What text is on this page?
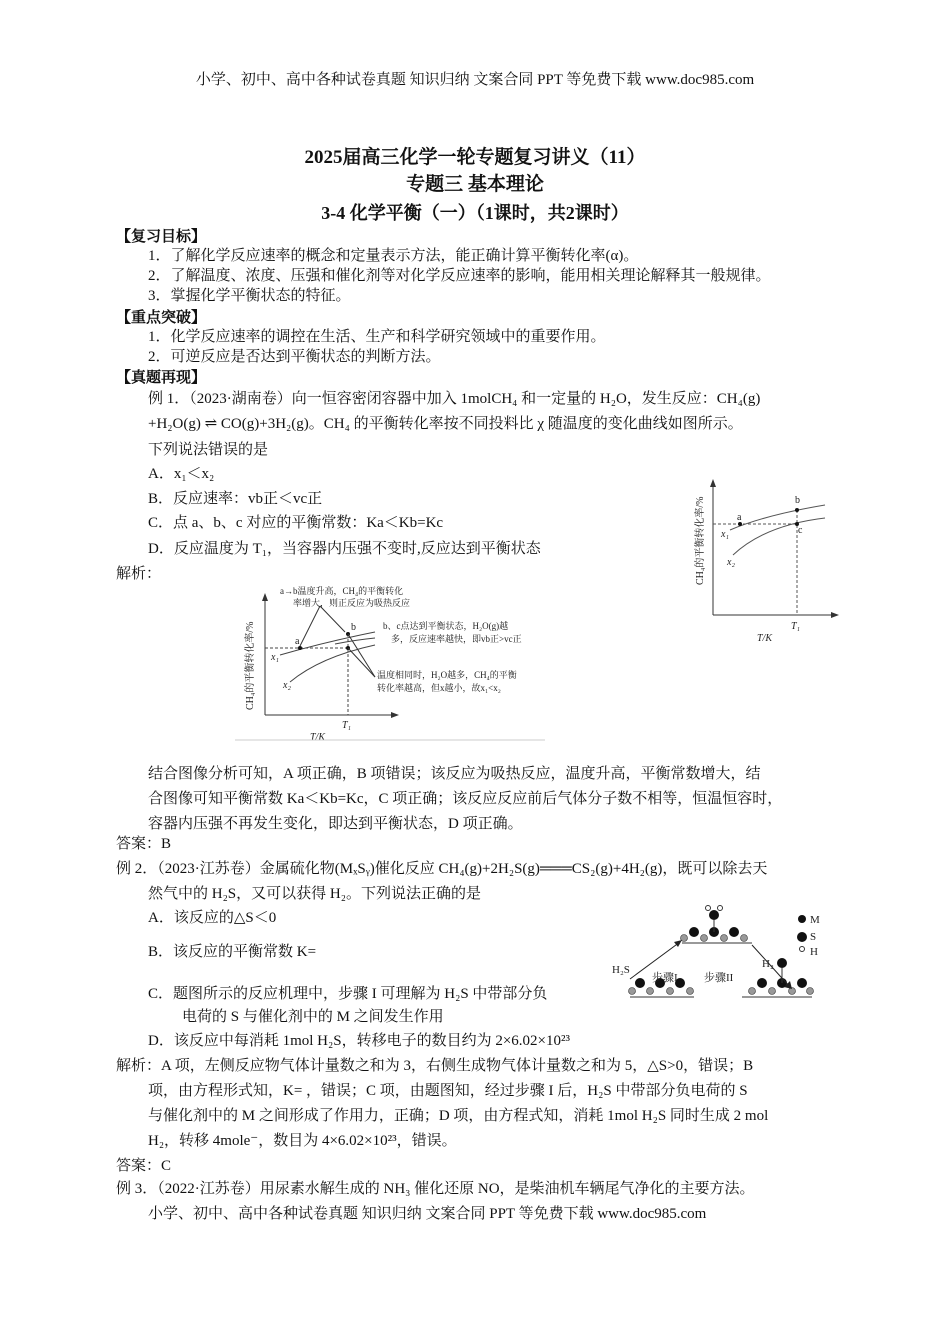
小学、初中、高中各种试卷真题 知识归纳 文案合同 PPT 等免费下载 www.doc985.com
2025届高三化学一轮专题复习讲义（11）
专题三 基本理论
3-4 化学平衡（一）（1课时，共2课时）
【复习目标】
1．了解化学反应速率的概念和定量表示方法，能正确计算平衡转化率(α)。
2．了解温度、浓度、压强和催化剂等对化学反应速率的影响，能用相关理论解释其一般规律。
3．掌握化学平衡状态的特征。
【重点突破】
1．化学反应速率的调控在生活、生产和科学研究领域中的重要作用。
2．可逆反应是否达到平衡状态的判断方法。
【真题再现】
例 1．（2023·湖南卷）向一恒容密闭容器中加入 1molCH₄ 和一定量的 H₂O，发生反应：CH₄(g)
+H₂O(g) ⇌ CO(g)+3H₂(g)。CH₄ 的平衡转化率按不同投料比 χ 随温度的变化曲线如图所示。
下列说法错误的是
A．x₁＜x₂
B．反应速率：vb正＜vc正
C．点 a、b、c 对应的平衡常数：Ka＜Kb=Kc
D．反应温度为 T₁，当容器内压强不变时,反应达到平衡状态
解析：	CH₄的平衡转化率/%	a
b
c
x₁
x₂
T₁
T/K
CH₄的平衡转化率/%	a
b
x₁
x₂
a→b温度升高，CH₄的平衡转化
率增大，则正反应为吸热反应
b、c点达到平衡状态，H₂O(g)越
多，反应速率越快，即vb正>vc正
温度相同时，H₂O越多，CH₄的平衡
转化率越高，但x越小，故x₁<x₂
T₁
T/K
结合图像分析可知，A 项正确，B 项错误；该反应为吸热反应，温度升高，平衡常数增大，结
合图像可知平衡常数 Ka＜Kb=Kc，C 项正确；该反应反应前后气体分子数不相等，恒温恒容时，
容器内压强不再发生变化，即达到平衡状态，D 项正确。
答案：B
例 2．（2023·江苏卷）金属硫化物(MₓSᵧ)催化反应 CH₄(g)+2H₂S(g)═══CS₂(g)+4H₂(g)，既可以除去天
然气中的 H₂S，又可以获得 H₂。下列说法正确的是
A．该反应的△S＜0
B．该反应的平衡常数 K=
C．题图所示的反应机理中，步骤 I 可理解为 H₂S 中带部分负
电荷的 S 与催化剂中的 M 之间发生作用
D．该反应中每消耗 1mol H₂S，转移电子的数目约为 2×6.02×10²³
H₂S	H₂
步骤I 步骤II
M
S
H
解析：A 项，左侧反应物气体计量数之和为 3，右侧生成物气体计量数之和为 5，△S>0，错误；B
项，由方程形式知，K= ，错误；C 项，由题图知，经过步骤 I 后，H₂S 中带部分负电荷的 S
与催化剂中的 M 之间形成了作用力，正确；D 项，由方程式知，消耗 1mol H₂S 同时生成 2 mol
H₂，转移 4mole⁻，数目为 4×6.02×10²³，错误。
答案：C
例 3．（2022·江苏卷）用尿素水解生成的 NH₃ 催化还原 NO，是柴油机车辆尾气净化的主要方法。
小学、初中、高中各种试卷真题 知识归纳 文案合同 PPT 等免费下载 www.doc985.com
